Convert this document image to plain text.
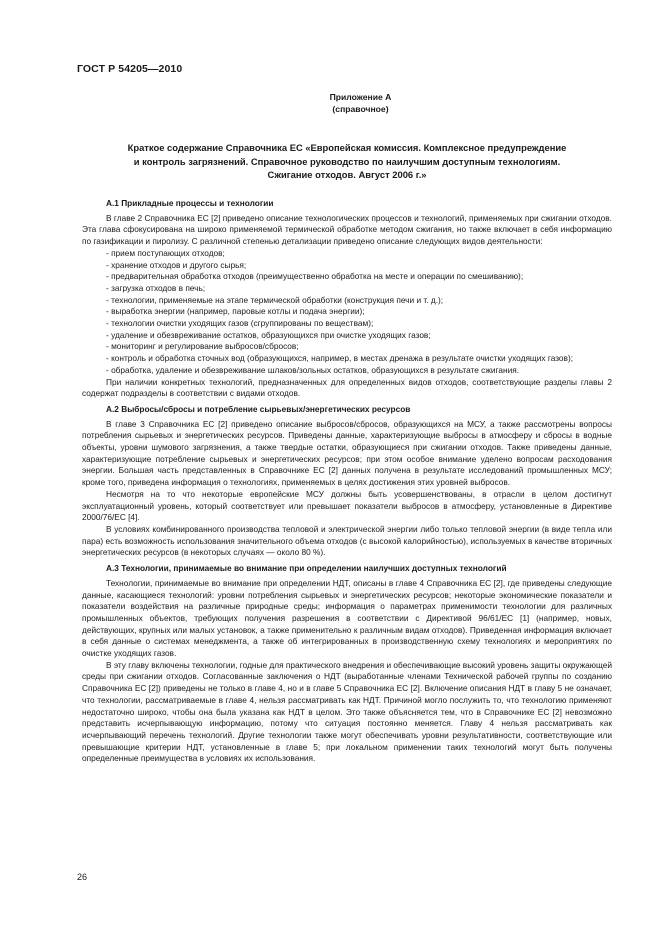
ГОСТ Р 54205—2010
Приложение А
(справочное)
Краткое содержание Справочника ЕС «Европейская комиссия. Комплексное предупреждение
и контроль загрязнений. Справочное руководство по наилучшим доступным технологиям.
Сжигание отходов. Август 2006 г.»
А.1 Прикладные процессы и технологии

В главе 2 Справочника ЕС [2] приведено описание технологических процессов и технологий, применяемых при сжигании отходов. Эта глава сфокусирована на широко применяемой термической обработке методом сжигания, но также включает в себя информацию по газификации и пиролизу. С различной степенью детализации приведено описание следующих видов деятельности:

- прием поступающих отходов;

- хранение отходов и другого сырья;

- предварительная обработка отходов (преимущественно обработка на месте и операции по смешиванию);

- загрузка отходов в печь;

- технологии, применяемые на этапе термической обработки (конструкция печи и т. д.);

- выработка энергии (например, паровые котлы и подача энергии);

- технологии очистки уходящих газов (сгруппированы по веществам);

- удаление и обезвреживание остатков, образующихся при очистке уходящих газов;

- мониторинг и регулирование выбросов/сбросов;

- контроль и обработка сточных вод (образующихся, например, в местах дренажа в результате очистки уходящих газов);

- обработка, удаление и обезвреживание шлаков/зольных остатков, образующихся в результате сжигания.

При наличии конкретных технологий, предназначенных для определенных видов отходов, соответствующие разделы главы 2 содержат подразделы в соответствии с видами отходов.

А.2 Выбросы/сбросы и потребление сырьевых/энергетических ресурсов

В главе 3 Справочника ЕС [2] приведено описание выбросов/сбросов, образующихся на МСУ, а также рассмотрены вопросы потребления сырьевых и энергетических ресурсов. Приведены данные, характеризующие выбросы в атмосферу и сбросы в водные объекты, уровни шумового загрязнения, а также твердые остатки, образующиеся при сжигании отходов. Также приведены данные, характеризующие потребление сырьевых и энергетических ресурсов; при этом особое внимание уделено вопросам расходования энергии. Большая часть представленных в Справочнике ЕС [2] данных получена в результате исследований промышленных МСУ; кроме того, приведена информация о технологиях, применяемых в целях достижения этих уровней выбросов.

Несмотря на то что некоторые европейские МСУ должны быть усовершенствованы, в отрасли в целом достигнут эксплуатационный уровень, который соответствует или превышает показатели выбросов в атмосферу, установленные в Директиве 2000/76/ЕС [4].

В условиях комбинированного производства тепловой и электрической энергии либо только тепловой энергии (в виде тепла или пара) есть возможность использования значительного объема отходов (с высокой калорийностью), используемых в качестве вторичных энергетических ресурсов (в некоторых случаях — около 80 %).

А.3 Технологии, принимаемые во внимание при определении наилучших доступных технологий

Технологии, принимаемые во внимание при определении НДТ, описаны в главе 4 Справочника ЕС [2], где приведены следующие данные, касающиеся технологий: уровни потребления сырьевых и энергетических ресурсов; некоторые экономические показатели и показатели воздействия на различные природные среды; информация о параметрах применимости технологии для различных промышленных объектов, требующих получения разрешения в соответствии с Директивой 96/61/ЕС [1] (например, новых, действующих, крупных или малых установок, а также применительно к различным видам отходов). Приведенная информация включает в себя данные о системах менеджмента, а также об интегрированных в производственную схему технологиях и мероприятиях по очистке уходящих газов.

В эту главу включены технологии, годные для практического внедрения и обеспечивающие высокий уровень защиты окружающей среды при сжигании отходов. Согласованные заключения о НДТ (выработанные членами Технической рабочей группы по созданию Справочника ЕС [2]) приведены не только в главе 4, но и в главе 5 Справочника ЕС [2]. Включение описания НДТ в главу 5 не означает, что технологии, рассматриваемые в главе 4, нельзя рассматривать как НДТ. Причиной могло послужить то, что технологию применяют недостаточно широко, чтобы она была указана как НДТ в целом. Это также объясняется тем, что в Справочнике ЕС [2] невозможно представить исчерпывающую информацию, потому что ситуация постоянно меняется. Главу 4 нельзя рассматривать как исчерпывающий перечень технологий. Другие технологии также могут обеспечивать уровни результативности, соответствующие или превышающие критерии НДТ, установленные в главе 5; при локальном применении таких технологий могут быть получены определенные преимущества в условиях их использования.

26
